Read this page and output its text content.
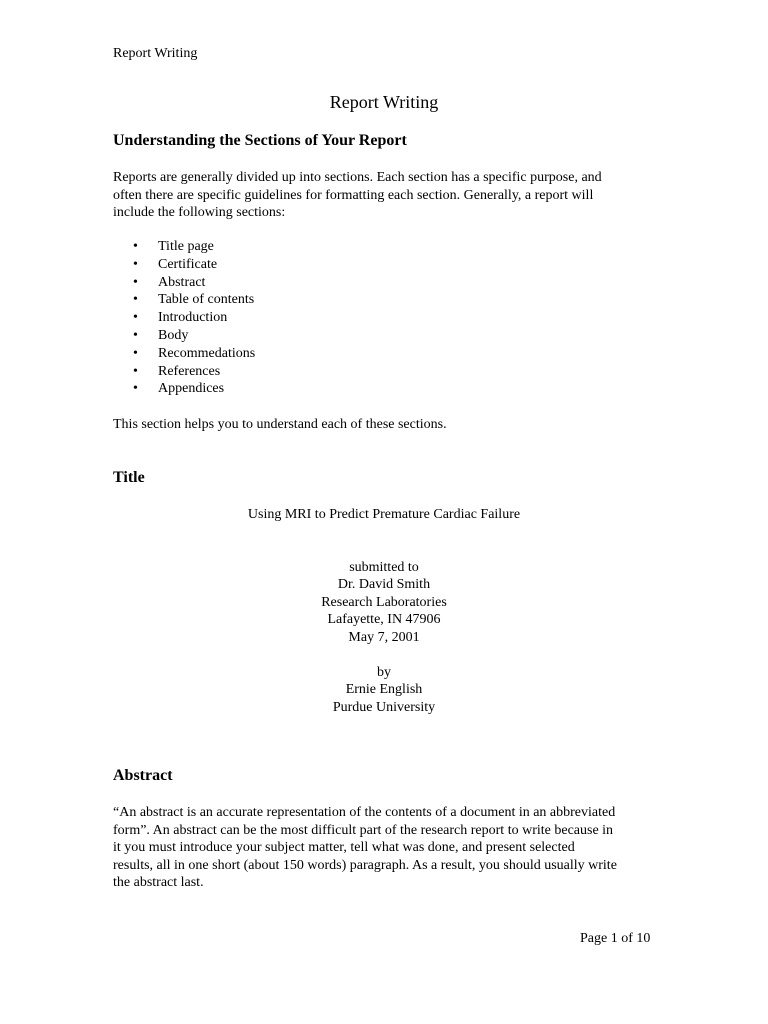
Report Writing
Report Writing
Understanding the Sections of Your Report
Reports are generally divided up into sections. Each section has a specific purpose, and
often there are specific guidelines for formatting each section. Generally, a report will
include the following sections:
• Title page
• Certificate
• Abstract
• Table of contents
• Introduction
• Body
• Recommedations
• References
• Appendices
This section helps you to understand each of these sections.
Title
Using MRI to Predict Premature Cardiac Failure
submitted to
Dr. David Smith
Research Laboratories
Lafayette, IN 47906
May 7, 2001
by
Ernie English
Purdue University
Abstract
“An abstract is an accurate representation of the contents of a document in an abbreviated
form”. An abstract can be the most difficult part of the research report to write because in
it you must introduce your subject matter, tell what was done, and present selected
results, all in one short (about 150 words) paragraph. As a result, you should usually write
the abstract last.
Page 1 of 10
